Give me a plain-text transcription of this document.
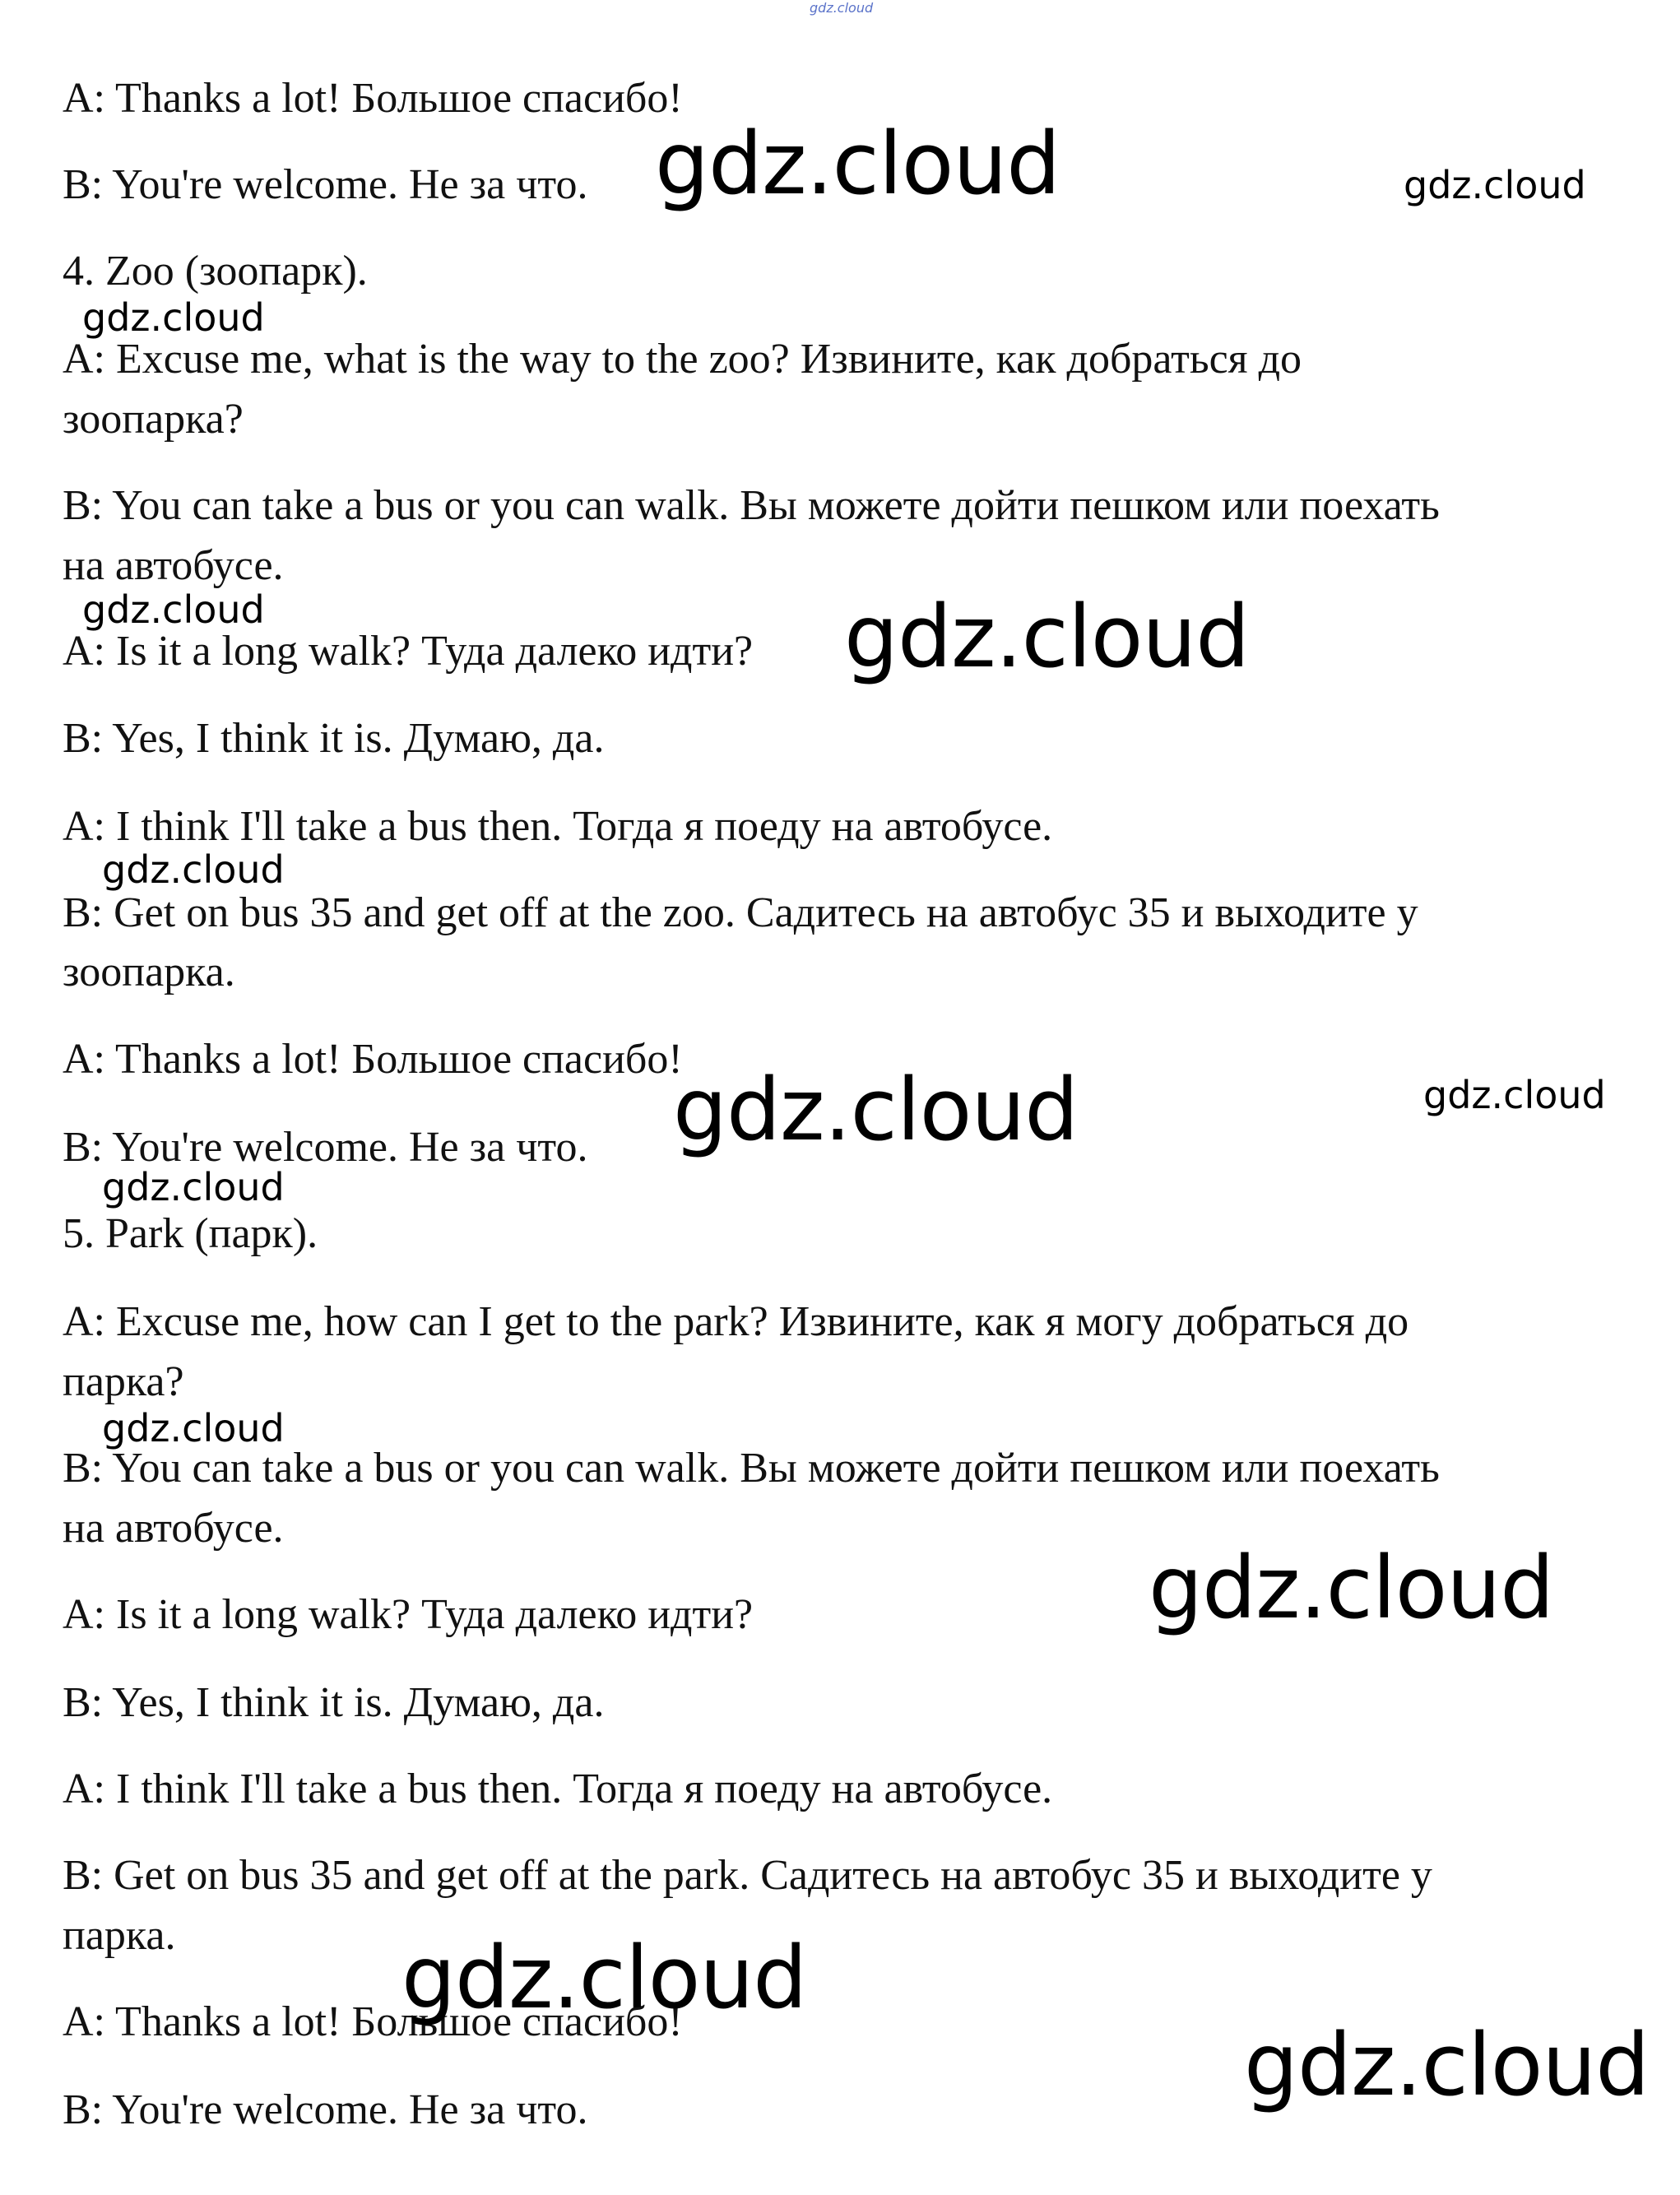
gdz.cloud

A: Thanks a lot! Большое спасибо!

B: You're welcome. Не за что.

4. Zoo (зоопарк).

A: Excuse me, what is the way to the zoo? Извините, как добраться до

зоопарка?

B: You can take a bus or you can walk. Вы можете дойти пешком или поехать

на автобусе.

A: Is it a long walk? Туда далеко идти?

B: Yes, I think it is. Думаю, да.

A: I think I'll take a bus then. Тогда я поеду на автобусе.

B: Get on bus 35 and get off at the zoo. Садитесь на автобус 35 и выходите у

зоопарка.

A: Thanks a lot! Большое спасибо!

B: You're welcome. Не за что.

5. Park (парк).

A: Excuse me, how can I get to the park? Извините, как я могу добраться до

парка?

B: You can take a bus or you can walk. Вы можете дойти пешком или поехать

на автобусе.

A: Is it a long walk? Туда далеко идти?

B: Yes, I think it is. Думаю, да.

A: I think I'll take a bus then. Тогда я поеду на автобусе.

B: Get on bus 35 and get off at the park. Садитесь на автобус 35 и выходите у

парка.

A: Thanks a lot! Большое спасибо!

B: You're welcome. Не за что.

gdz.cloud
gdz.cloud
gdz.cloud
gdz.cloud
gdz.cloud
gdz.cloud
gdz.cloud
gdz.cloud
gdz.cloud
gdz.cloud
gdz.cloud
gdz.cloud
gdz.cloud
